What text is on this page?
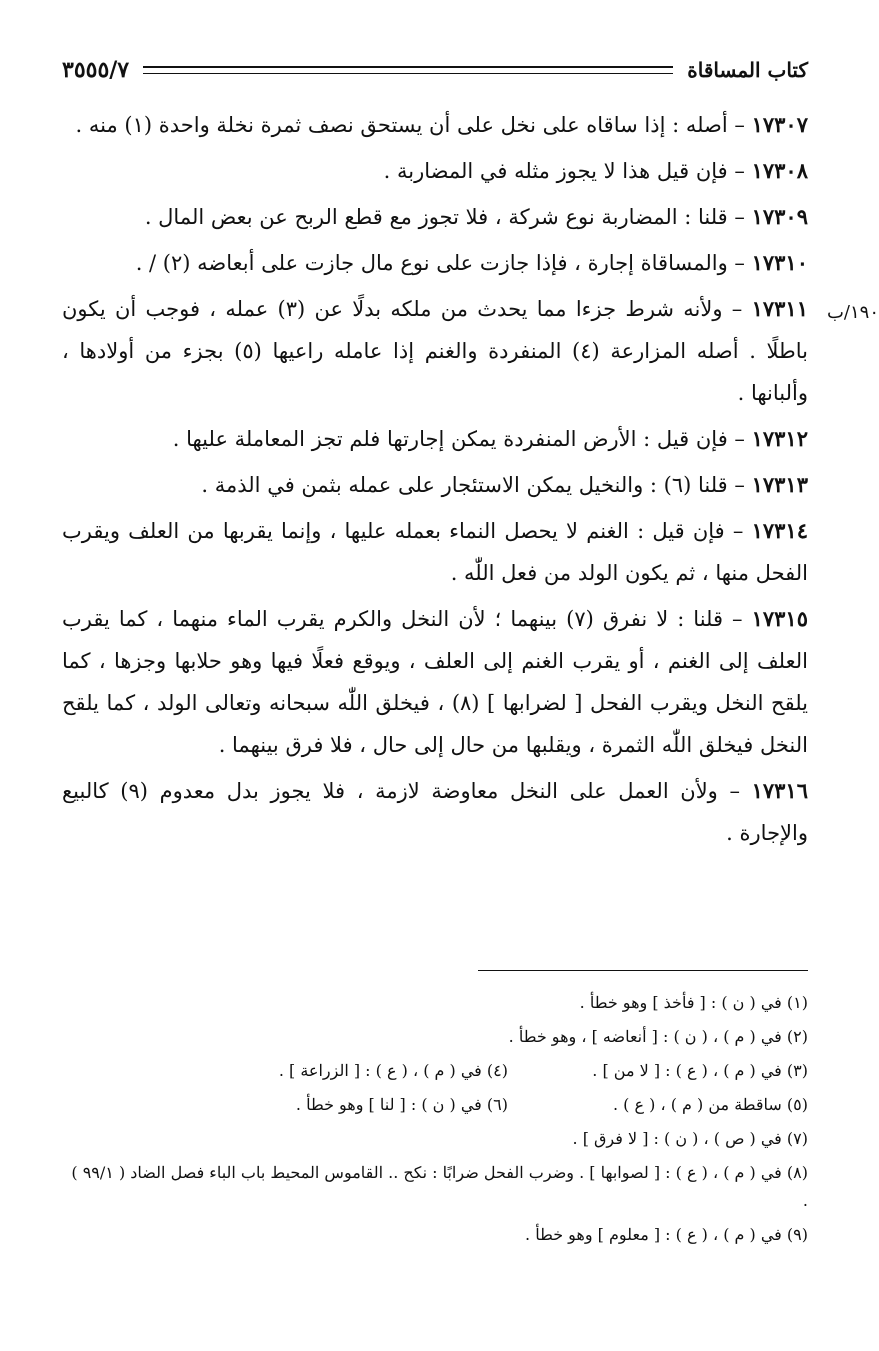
كتاب المساقاة
٣٥٥٥/٧
١٩٠/ب

١٧٣٠٧ – أصله : إذا ساقاه على نخل على أن يستحق نصف ثمرة نخلة واحدة (١) منه .

١٧٣٠٨ – فإن قيل هذا لا يجوز مثله في المضاربة .

١٧٣٠٩ – قلنا : المضاربة نوع شركة ، فلا تجوز مع قطع الربح عن بعض المال .

١٧٣١٠ – والمساقاة إجارة ، فإذا جازت على نوع مال جازت على أبعاضه (٢) / .

١٧٣١١ – ولأنه شرط جزءا مما يحدث من ملكه بدلًا عن (٣) عمله ، فوجب أن يكون باطلًا . أصله المزارعة (٤) المنفردة والغنم إذا عامله راعيها (٥) بجزء من أولادها ، وألبانها .

١٧٣١٢ – فإن قيل : الأرض المنفردة يمكن إجارتها فلم تجز المعاملة عليها .

١٧٣١٣ – قلنا (٦) : والنخيل يمكن الاستئجار على عمله بثمن في الذمة .

١٧٣١٤ – فإن قيل : الغنم لا يحصل النماء بعمله عليها ، وإنما يقربها من العلف ويقرب الفحل منها ، ثم يكون الولد من فعل اللّٰه .

١٧٣١٥ – قلنا : لا نفرق (٧) بينهما ؛ لأن النخل والكرم يقرب الماء منهما ، كما يقرب العلف إلى الغنم ، أو يقرب الغنم إلى العلف ، ويوقع فعلًا فيها وهو حلابها وجزها ، كما يلقح النخل ويقرب الفحل [ لضرابها ] (٨) ، فيخلق اللّٰه سبحانه وتعالى الولد ، كما يلقح النخل فيخلق اللّٰه الثمرة ، ويقلبها من حال إلى حال ، فلا فرق بينهما .

١٧٣١٦ – ولأن العمل على النخل معاوضة لازمة ، فلا يجوز بدل معدوم (٩) كالبيع والإجارة .

(١) في ( ن ) : [ فأخذ ] وهو خطأ .
(٢) في ( م ) ، ( ن ) : [ أنعاضه ] ، وهو خطأ .
(٣) في ( م ) ، ( ع ) : [ لا من ] .
(٤) في ( م ) ، ( ع ) : [ الزراعة ] .
(٥) ساقطة من ( م ) ، ( ع ) .
(٦) في ( ن ) : [ لنا ] وهو خطأ .
(٧) في ( ص ) ، ( ن ) : [ لا فرق ] .
(٨) في ( م ) ، ( ع ) : [ لصوابها ] . وضرب الفحل ضرابًا : نكح .. القاموس المحيط باب الباء فصل الضاد ( ٩٩/١ ) .
(٩) في ( م ) ، ( ع ) : [ معلوم ] وهو خطأ .
